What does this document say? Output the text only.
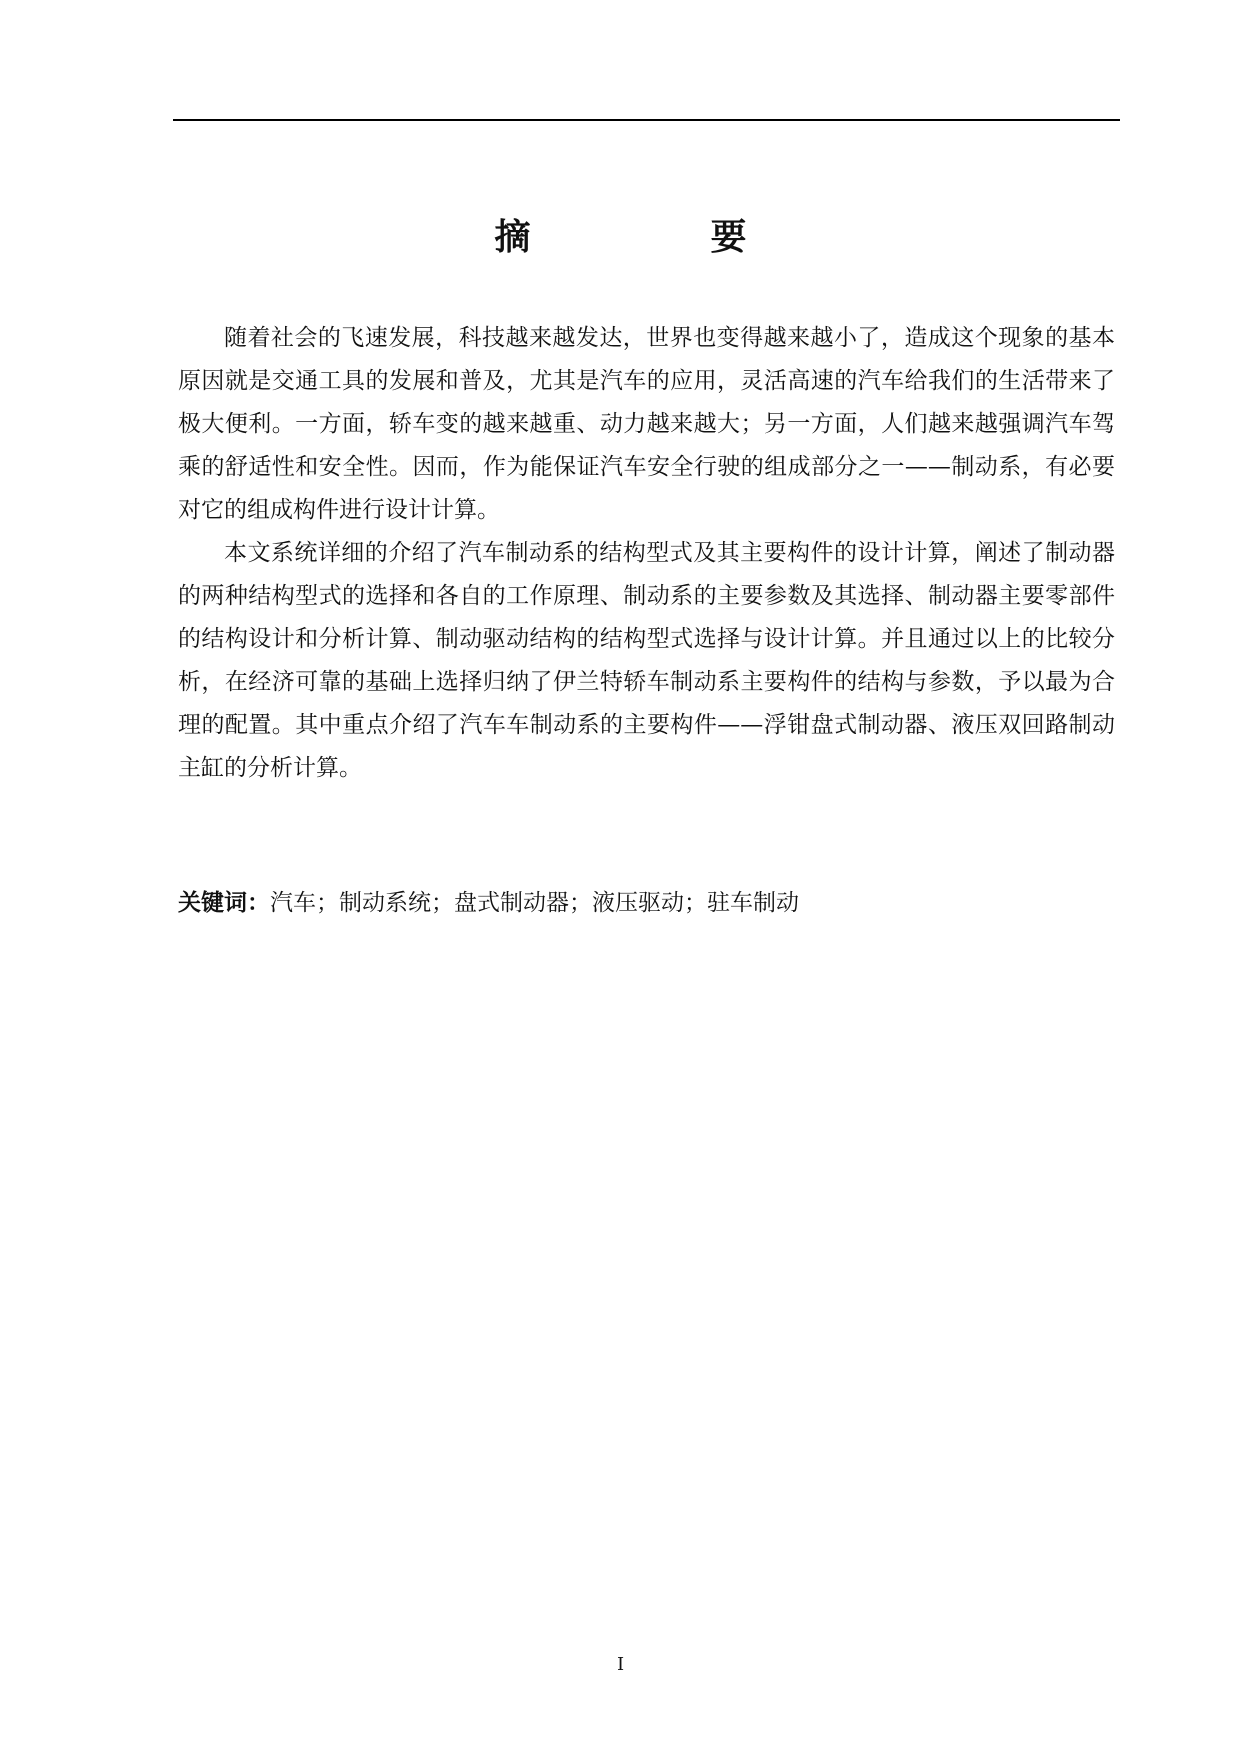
摘　要

随着社会的飞速发展，科技越来越发达，世界也变得越来越小了，造成这个现象的基本原因就是交通工具的发展和普及，尤其是汽车的应用，灵活高速的汽车给我们的生活带来了极大便利。一方面，轿车变的越来越重、动力越来越大；另一方面，人们越来越强调汽车驾乘的舒适性和安全性。因而，作为能保证汽车安全行驶的组成部分之一——制动系，有必要对它的组成构件进行设计计算。

本文系统详细的介绍了汽车制动系的结构型式及其主要构件的设计计算，阐述了制动器的两种结构型式的选择和各自的工作原理、制动系的主要参数及其选择、制动器主要零部件的结构设计和分析计算、制动驱动结构的结构型式选择与设计计算。并且通过以上的比较分析，在经济可靠的基础上选择归纳了伊兰特轿车制动系主要构件的结构与参数，予以最为合理的配置。其中重点介绍了汽车车制动系的主要构件——浮钳盘式制动器、液压双回路制动主缸的分析计算。

关键词：汽车；制动系统；盘式制动器；液压驱动；驻车制动
I
